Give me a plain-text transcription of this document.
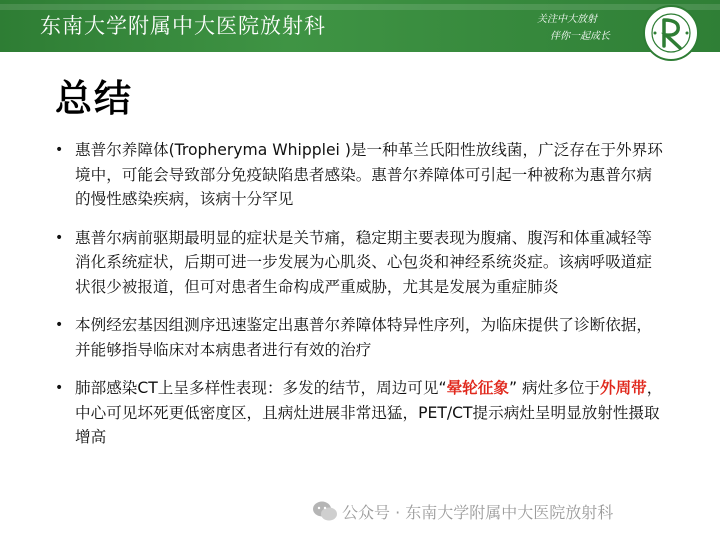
东南大学附属中大医院放射科	关注中大放射
伴你一起成长
总结
• 惠普尔养障体(Tropheryma Whipplei )是一种革兰氏阳性放线菌，广泛存在于外界环境中，可能会导致部分免疫缺陷患者感染。惠普尔养障体可引起一种被称为惠普尔病的慢性感染疾病，该病十分罕见
• 惠普尔病前驱期最明显的症状是关节痛，稳定期主要表现为腹痛、腹泻和体重减轻等消化系统症状，后期可进一步发展为心肌炎、心包炎和神经系统炎症。该病呼吸道症状很少被报道，但可对患者生命构成严重威胁，尤其是发展为重症肺炎
• 本例经宏基因组测序迅速鉴定出惠普尔养障体特异性序列，为临床提供了诊断依据，并能够指导临床对本病患者进行有效的治疗
• 肺部感染CT上呈多样性表现：多发的结节，周边可见“晕轮征象” 病灶多位于外周带，中心可见坏死更低密度区，且病灶进展非常迅猛，PET/CT提示病灶呈明显放射性摄取增高
公众号 · 东南大学附属中大医院放射科
